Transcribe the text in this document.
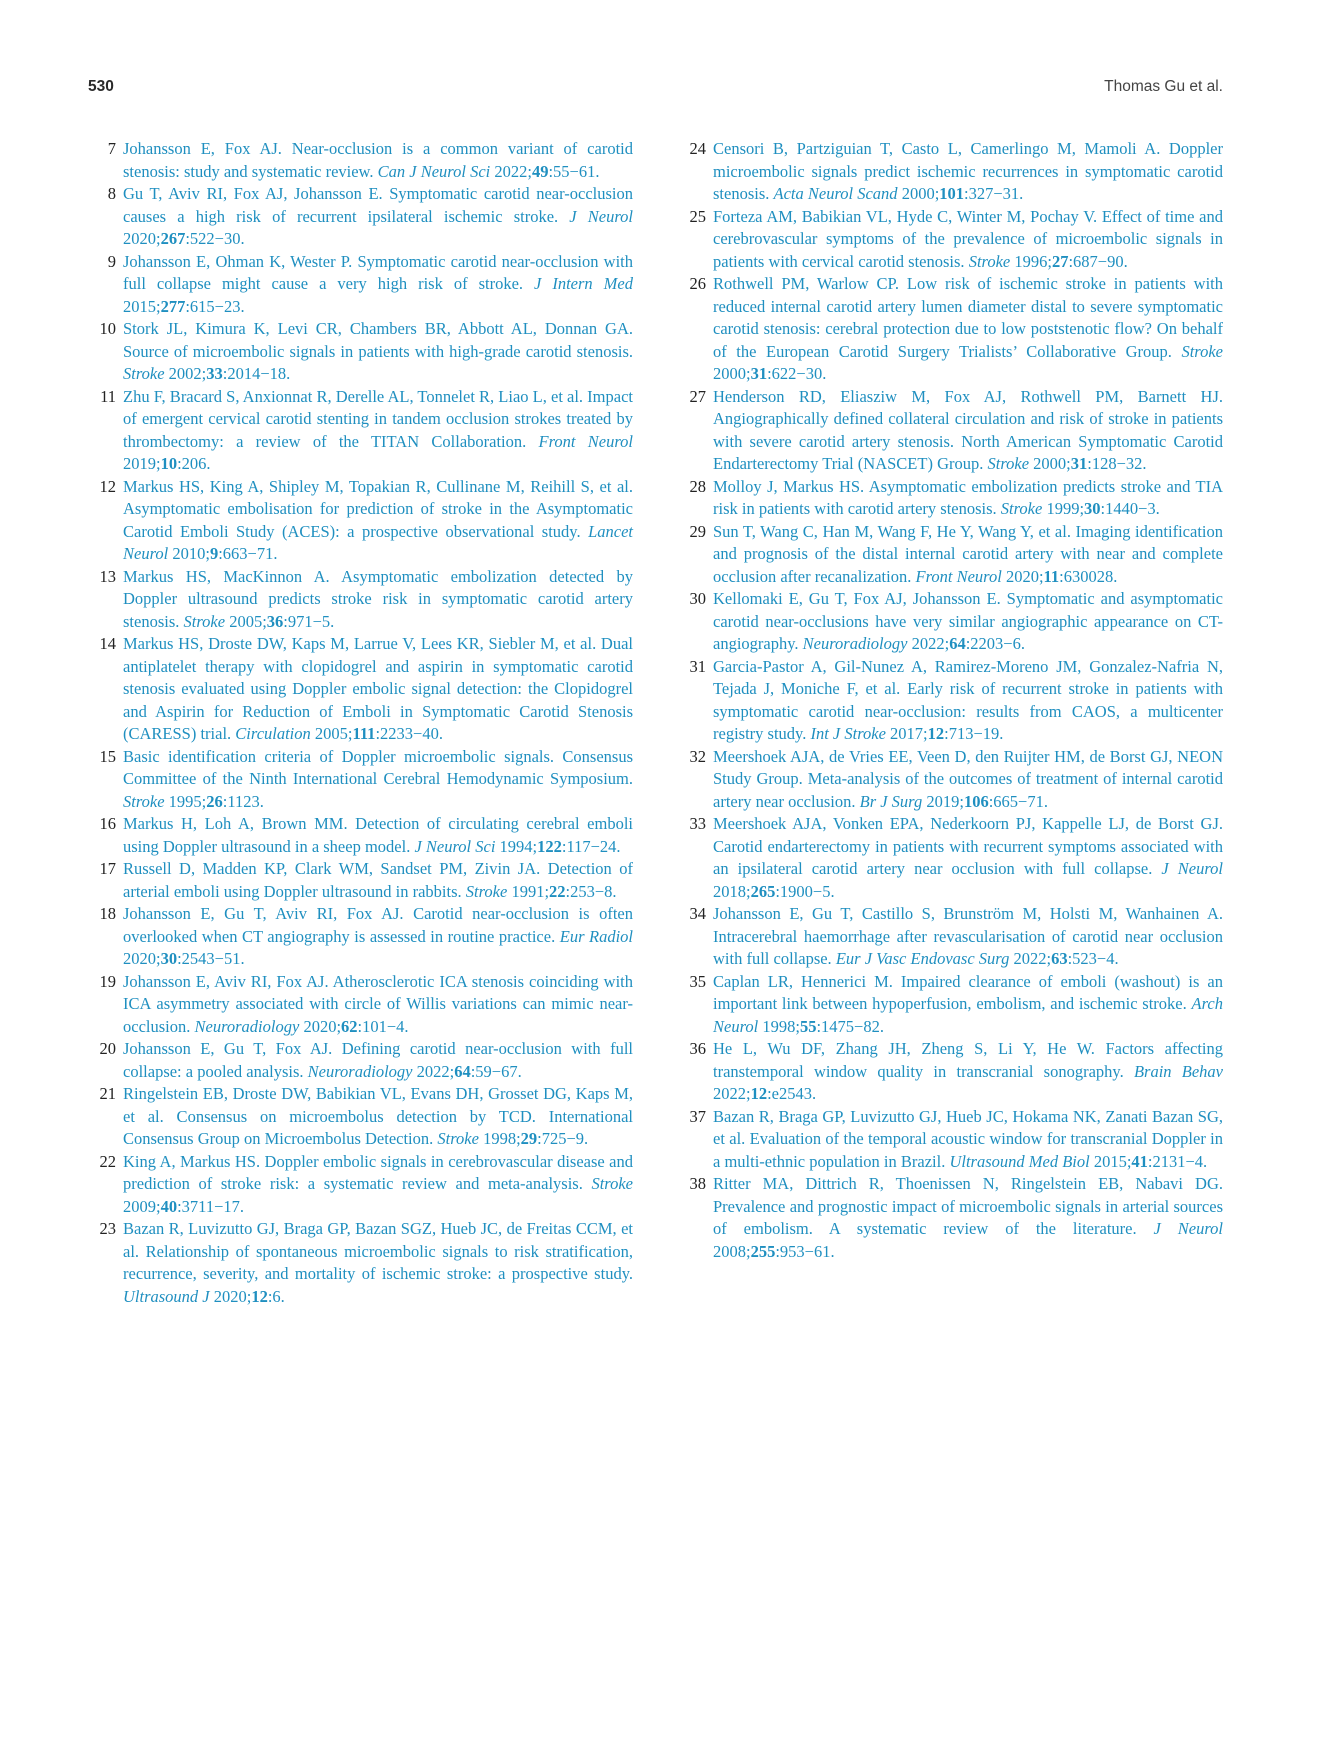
530	Thomas Gu et al.
7 Johansson E, Fox AJ. Near-occlusion is a common variant of carotid stenosis: study and systematic review. Can J Neurol Sci 2022;49:55−61.
8 Gu T, Aviv RI, Fox AJ, Johansson E. Symptomatic carotid near-occlusion causes a high risk of recurrent ipsilateral ischemic stroke. J Neurol 2020;267:522−30.
9 Johansson E, Ohman K, Wester P. Symptomatic carotid near-occlusion with full collapse might cause a very high risk of stroke. J Intern Med 2015;277:615−23.
10 Stork JL, Kimura K, Levi CR, Chambers BR, Abbott AL, Donnan GA. Source of microembolic signals in patients with high-grade carotid stenosis. Stroke 2002;33:2014−18.
11 Zhu F, Bracard S, Anxionnat R, Derelle AL, Tonnelet R, Liao L, et al. Impact of emergent cervical carotid stenting in tandem occlusion strokes treated by thrombectomy: a review of the TITAN Collaboration. Front Neurol 2019;10:206.
12 Markus HS, King A, Shipley M, Topakian R, Cullinane M, Reihill S, et al. Asymptomatic embolisation for prediction of stroke in the Asymptomatic Carotid Emboli Study (ACES): a prospective observational study. Lancet Neurol 2010;9:663−71.
13 Markus HS, MacKinnon A. Asymptomatic embolization detected by Doppler ultrasound predicts stroke risk in symptomatic carotid artery stenosis. Stroke 2005;36:971−5.
14 Markus HS, Droste DW, Kaps M, Larrue V, Lees KR, Siebler M, et al. Dual antiplatelet therapy with clopidogrel and aspirin in symptomatic carotid stenosis evaluated using Doppler embolic signal detection: the Clopidogrel and Aspirin for Reduction of Emboli in Symptomatic Carotid Stenosis (CARESS) trial. Circulation 2005;111:2233−40.
15 Basic identification criteria of Doppler microembolic signals. Consensus Committee of the Ninth International Cerebral Hemodynamic Symposium. Stroke 1995;26:1123.
16 Markus H, Loh A, Brown MM. Detection of circulating cerebral emboli using Doppler ultrasound in a sheep model. J Neurol Sci 1994;122:117−24.
17 Russell D, Madden KP, Clark WM, Sandset PM, Zivin JA. Detection of arterial emboli using Doppler ultrasound in rabbits. Stroke 1991;22:253−8.
18 Johansson E, Gu T, Aviv RI, Fox AJ. Carotid near-occlusion is often overlooked when CT angiography is assessed in routine practice. Eur Radiol 2020;30:2543−51.
19 Johansson E, Aviv RI, Fox AJ. Atherosclerotic ICA stenosis coinciding with ICA asymmetry associated with circle of Willis variations can mimic near-occlusion. Neuroradiology 2020;62:101−4.
20 Johansson E, Gu T, Fox AJ. Defining carotid near-occlusion with full collapse: a pooled analysis. Neuroradiology 2022;64:59−67.
21 Ringelstein EB, Droste DW, Babikian VL, Evans DH, Grosset DG, Kaps M, et al. Consensus on microembolus detection by TCD. International Consensus Group on Microembolus Detection. Stroke 1998;29:725−9.
22 King A, Markus HS. Doppler embolic signals in cerebrovascular disease and prediction of stroke risk: a systematic review and meta-analysis. Stroke 2009;40:3711−17.
23 Bazan R, Luvizutto GJ, Braga GP, Bazan SGZ, Hueb JC, de Freitas CCM, et al. Relationship of spontaneous microembolic signals to risk stratification, recurrence, severity, and mortality of ischemic stroke: a prospective study. Ultrasound J 2020;12:6.
24 Censori B, Partziguian T, Casto L, Camerlingo M, Mamoli A. Doppler microembolic signals predict ischemic recurrences in symptomatic carotid stenosis. Acta Neurol Scand 2000;101:327−31.
25 Forteza AM, Babikian VL, Hyde C, Winter M, Pochay V. Effect of time and cerebrovascular symptoms of the prevalence of microembolic signals in patients with cervical carotid stenosis. Stroke 1996;27:687−90.
26 Rothwell PM, Warlow CP. Low risk of ischemic stroke in patients with reduced internal carotid artery lumen diameter distal to severe symptomatic carotid stenosis: cerebral protection due to low poststenotic flow? On behalf of the European Carotid Surgery Trialists’ Collaborative Group. Stroke 2000;31:622−30.
27 Henderson RD, Eliasziw M, Fox AJ, Rothwell PM, Barnett HJ. Angiographically defined collateral circulation and risk of stroke in patients with severe carotid artery stenosis. North American Symptomatic Carotid Endarterectomy Trial (NASCET) Group. Stroke 2000;31:128−32.
28 Molloy J, Markus HS. Asymptomatic embolization predicts stroke and TIA risk in patients with carotid artery stenosis. Stroke 1999;30:1440−3.
29 Sun T, Wang C, Han M, Wang F, He Y, Wang Y, et al. Imaging identification and prognosis of the distal internal carotid artery with near and complete occlusion after recanalization. Front Neurol 2020;11:630028.
30 Kellomaki E, Gu T, Fox AJ, Johansson E. Symptomatic and asymptomatic carotid near-occlusions have very similar angiographic appearance on CT-angiography. Neuroradiology 2022;64:2203−6.
31 Garcia-Pastor A, Gil-Nunez A, Ramirez-Moreno JM, Gonzalez-Nafria N, Tejada J, Moniche F, et al. Early risk of recurrent stroke in patients with symptomatic carotid near-occlusion: results from CAOS, a multicenter registry study. Int J Stroke 2017;12:713−19.
32 Meershoek AJA, de Vries EE, Veen D, den Ruijter HM, de Borst GJ, NEON Study Group. Meta-analysis of the outcomes of treatment of internal carotid artery near occlusion. Br J Surg 2019;106:665−71.
33 Meershoek AJA, Vonken EPA, Nederkoorn PJ, Kappelle LJ, de Borst GJ. Carotid endarterectomy in patients with recurrent symptoms associated with an ipsilateral carotid artery near occlusion with full collapse. J Neurol 2018;265:1900−5.
34 Johansson E, Gu T, Castillo S, Brunström M, Holsti M, Wanhainen A. Intracerebral haemorrhage after revascularisation of carotid near occlusion with full collapse. Eur J Vasc Endovasc Surg 2022;63:523−4.
35 Caplan LR, Hennerici M. Impaired clearance of emboli (washout) is an important link between hypoperfusion, embolism, and ischemic stroke. Arch Neurol 1998;55:1475−82.
36 He L, Wu DF, Zhang JH, Zheng S, Li Y, He W. Factors affecting transtemporal window quality in transcranial sonography. Brain Behav 2022;12:e2543.
37 Bazan R, Braga GP, Luvizutto GJ, Hueb JC, Hokama NK, Zanati Bazan SG, et al. Evaluation of the temporal acoustic window for transcranial Doppler in a multi-ethnic population in Brazil. Ultrasound Med Biol 2015;41:2131−4.
38 Ritter MA, Dittrich R, Thoenissen N, Ringelstein EB, Nabavi DG. Prevalence and prognostic impact of microembolic signals in arterial sources of embolism. A systematic review of the literature. J Neurol 2008;255:953−61.
